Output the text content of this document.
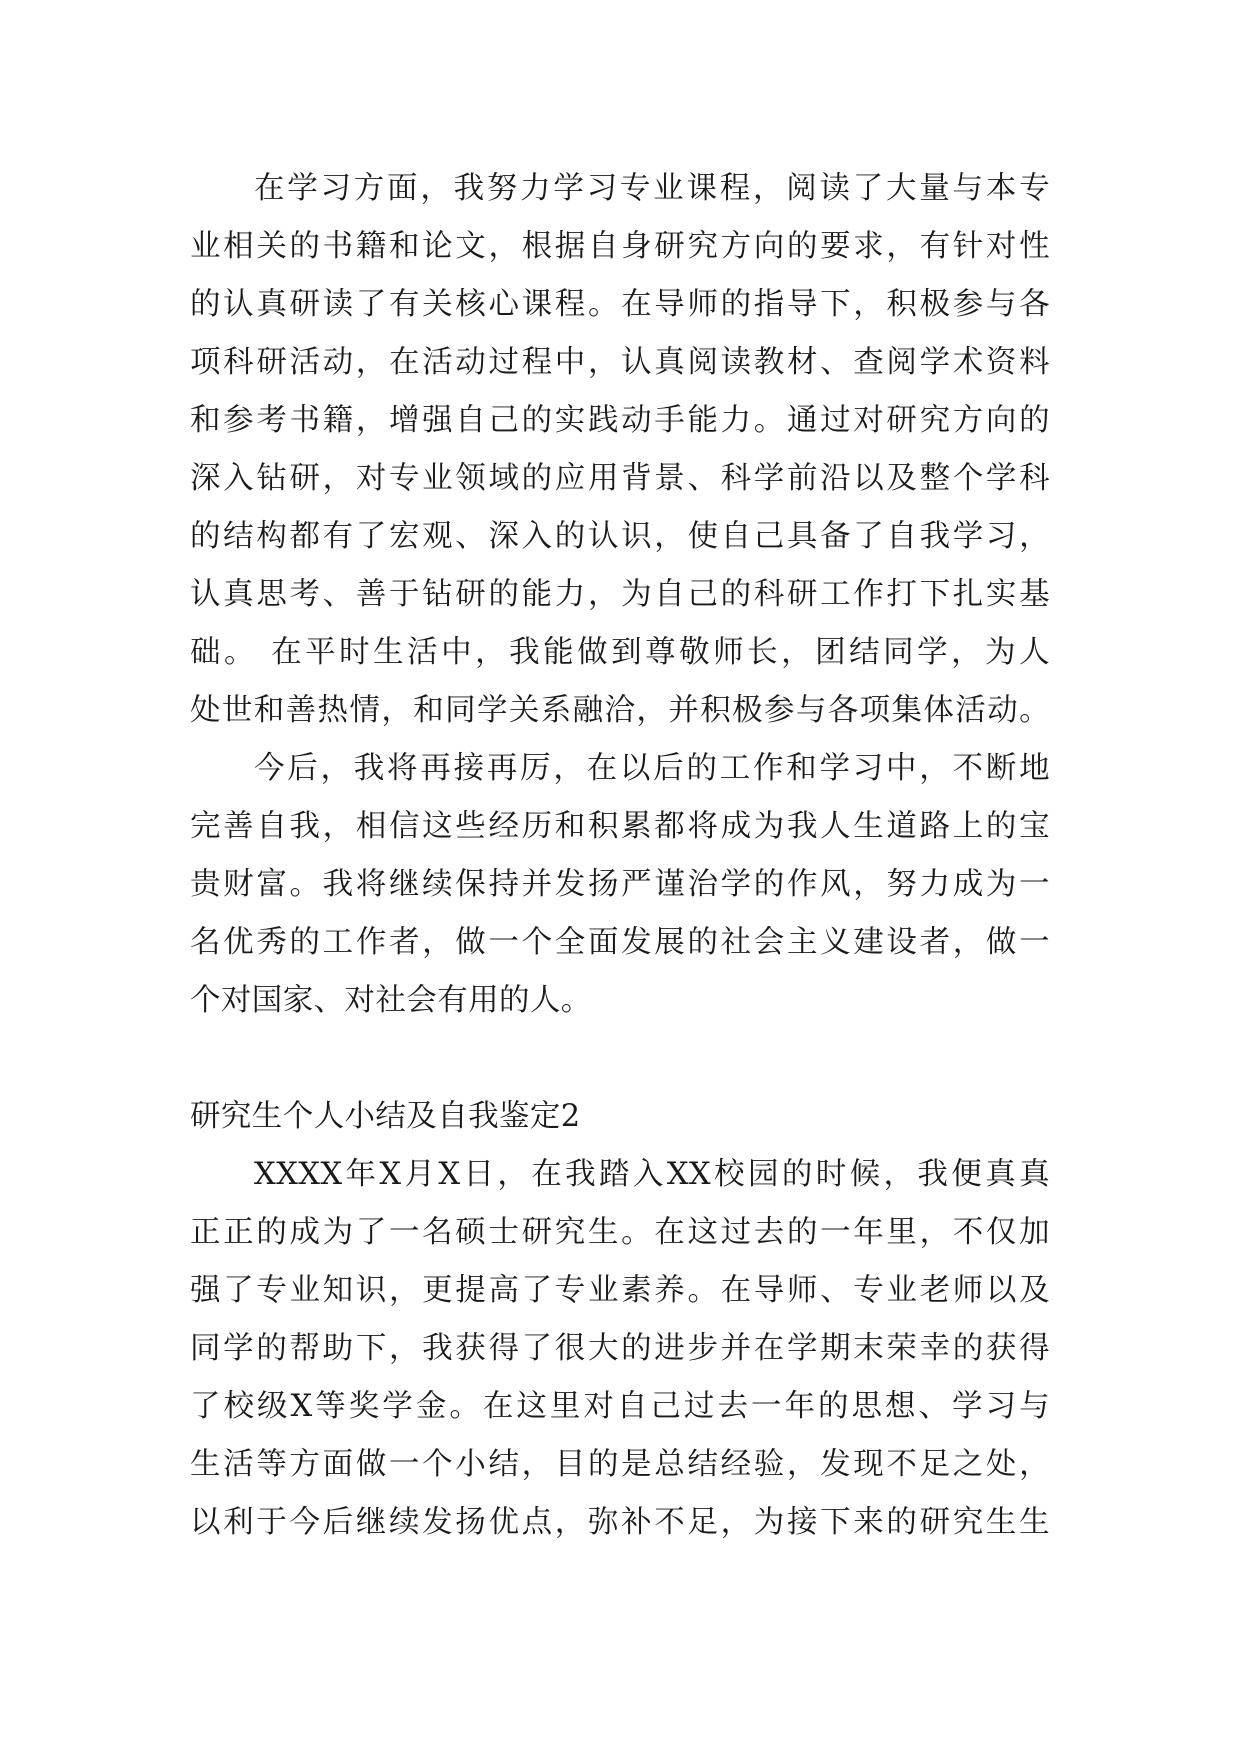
在学习方面，我努力学习专业课程，阅读了大量与本专
业相关的书籍和论文，根据自身研究方向的要求，有针对性
的认真研读了有关核心课程。在导师的指导下，积极参与各
项科研活动，在活动过程中，认真阅读教材、查阅学术资料
和参考书籍，增强自己的实践动手能力。通过对研究方向的
深入钻研，对专业领域的应用背景、科学前沿以及整个学科
的结构都有了宏观、深入的认识，使自己具备了自我学习，
认真思考、善于钻研的能力，为自己的科研工作打下扎实基
础。 在平时生活中，我能做到尊敬师长，团结同学，为人
处世和善热情，和同学关系融洽，并积极参与各项集体活动。
今后，我将再接再厉，在以后的工作和学习中，不断地
完善自我，相信这些经历和积累都将成为我人生道路上的宝
贵财富。我将继续保持并发扬严谨治学的作风，努力成为一
名优秀的工作者，做一个全面发展的社会主义建设者，做一
个对国家、对社会有用的人。
研究生个人小结及自我鉴定2
XXXX年X月X日，在我踏入XX校园的时候，我便真真
正正的成为了一名硕士研究生。在这过去的一年里，不仅加
强了专业知识，更提高了专业素养。在导师、专业老师以及
同学的帮助下，我获得了很大的进步并在学期末荣幸的获得
了校级X等奖学金。在这里对自己过去一年的思想、学习与
生活等方面做一个小结，目的是总结经验，发现不足之处，
以利于今后继续发扬优点，弥补不足，为接下来的研究生生
